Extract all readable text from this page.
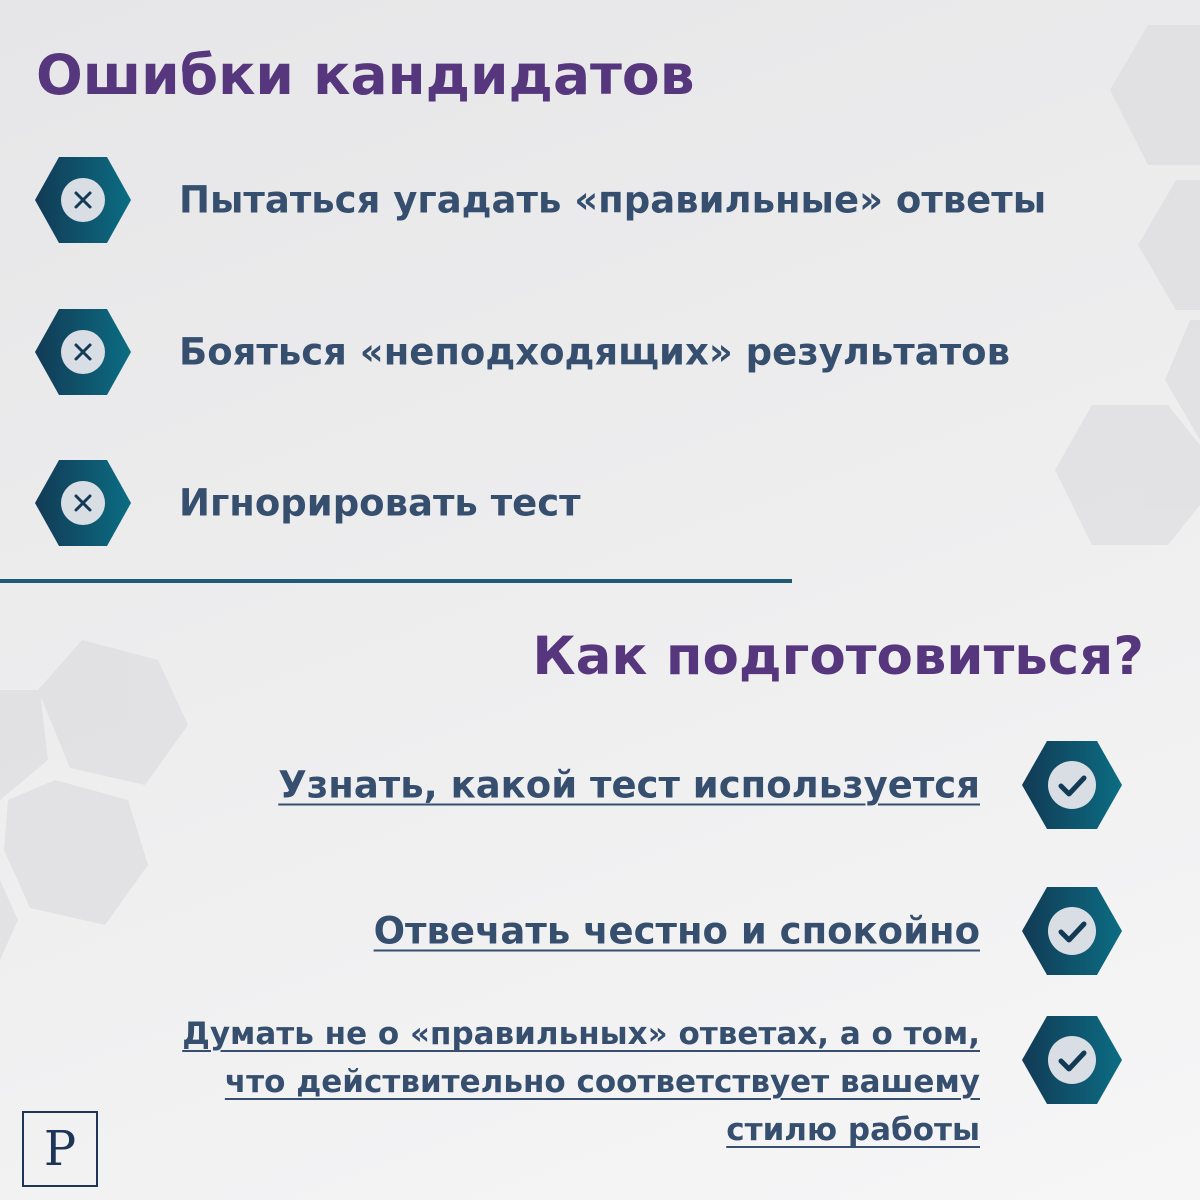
Ошибки кандидатов
Пытаться угадать «правильные» ответы
Бояться «неподходящих» результатов
Игнорировать тест
Как подготовиться?

Узнать, какой тест используется

Отвечать честно и спокойно

Думать не о «правильных» ответах, а о том,
что действительно соответствует вашему
стилю работы

P
